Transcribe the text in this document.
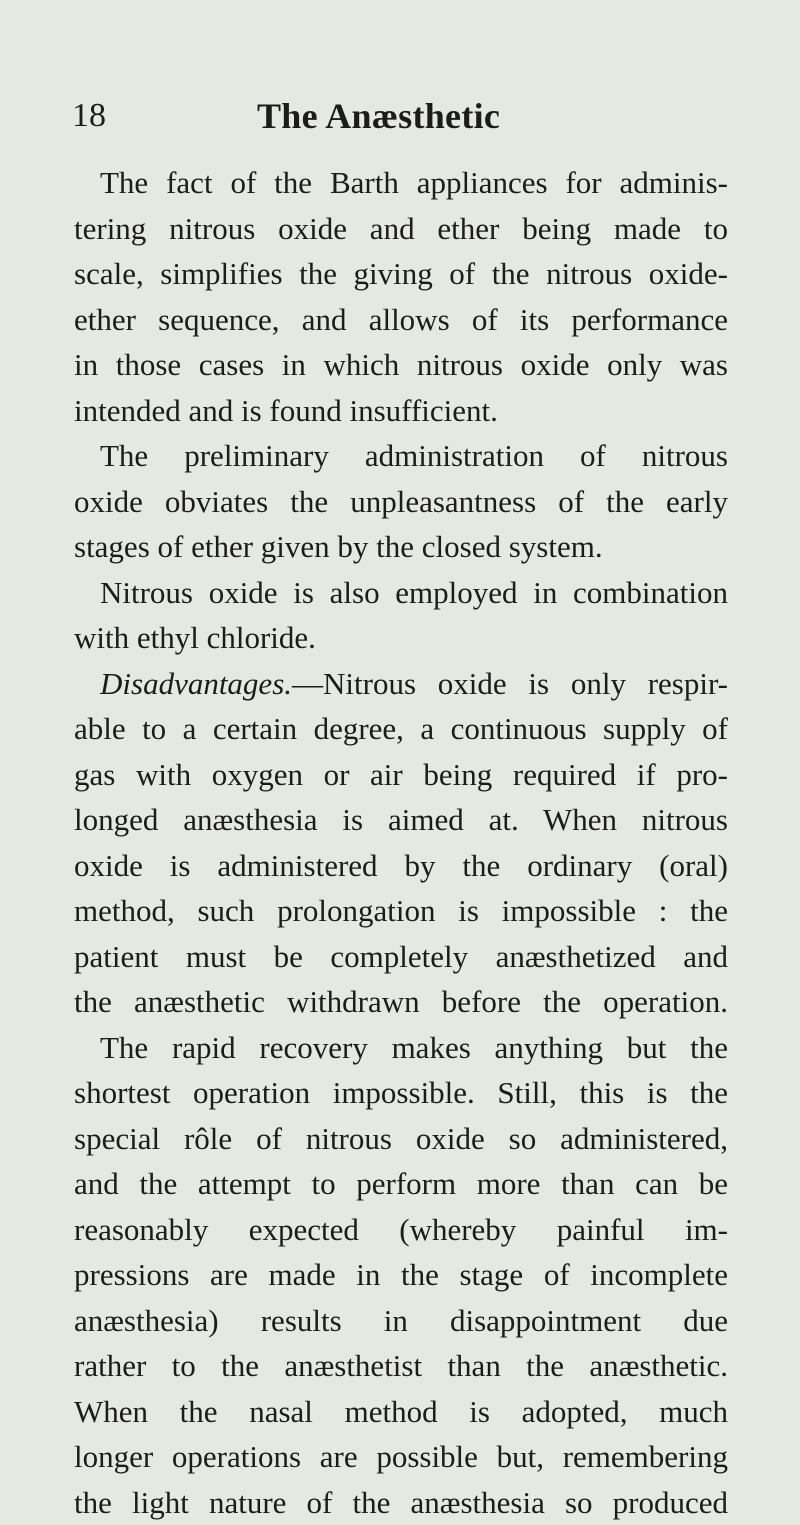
18	The Anæsthetic
The fact of the Barth appliances for adminis-
tering nitrous oxide and ether being made to
scale, simplifies the giving of the nitrous oxide-
ether sequence, and allows of its performance
in those cases in which nitrous oxide only was
intended and is found insufficient.
The preliminary administration of nitrous
oxide obviates the unpleasantness of the early
stages of ether given by the closed system.
Nitrous oxide is also employed in combination
with ethyl chloride.
Disadvantages.—Nitrous oxide is only respir-
able to a certain degree, a continuous supply of
gas with oxygen or air being required if pro-
longed anæsthesia is aimed at. When nitrous
oxide is administered by the ordinary (oral)
method, such prolongation is impossible : the
patient must be completely anæsthetized and
the anæsthetic withdrawn before the operation.
The rapid recovery makes anything but the
shortest operation impossible. Still, this is the
special rôle of nitrous oxide so administered,
and the attempt to perform more than can be
reasonably expected (whereby painful im-
pressions are made in the stage of incomplete
anæsthesia) results in disappointment due
rather to the anæsthetist than the anæsthetic.
When the nasal method is adopted, much
longer operations are possible but, remembering
the light nature of the anæsthesia so produced
